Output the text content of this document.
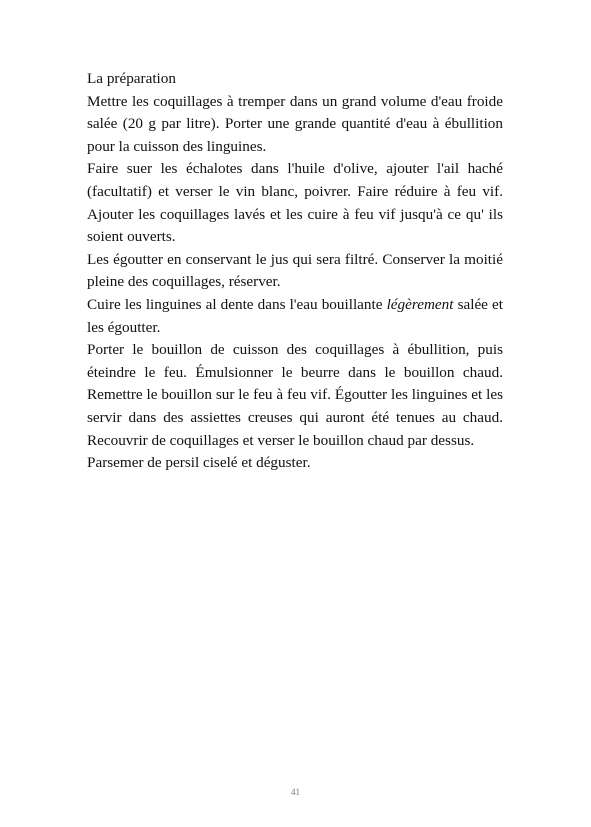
La préparation

Mettre les coquillages à tremper dans un grand volume d'eau froide salée (20 g par litre). Porter une grande quantité d'eau à ébullition pour la cuisson des linguines.

Faire suer les échalotes dans l'huile d'olive, ajouter l'ail haché (facultatif) et verser le vin blanc, poivrer. Faire réduire à feu vif. Ajouter les coquillages lavés et les cuire à feu vif jusqu'à ce qu' ils soient ouverts.

Les égoutter en conservant le jus qui sera filtré. Conserver la moitié pleine des coquillages, réserver.

Cuire les linguines al dente dans l'eau bouillante légèrement salée et les égoutter.

Porter le bouillon de cuisson des coquillages à ébullition, puis éteindre le feu. Émulsionner le beurre dans le bouillon chaud. Remettre le bouillon sur le feu à feu vif. Égoutter les linguines et les servir dans des assiettes creuses qui auront été tenues au chaud. Recouvrir de coquillages et verser le bouillon chaud par dessus.

Parsemer de persil ciselé et déguster.

41
